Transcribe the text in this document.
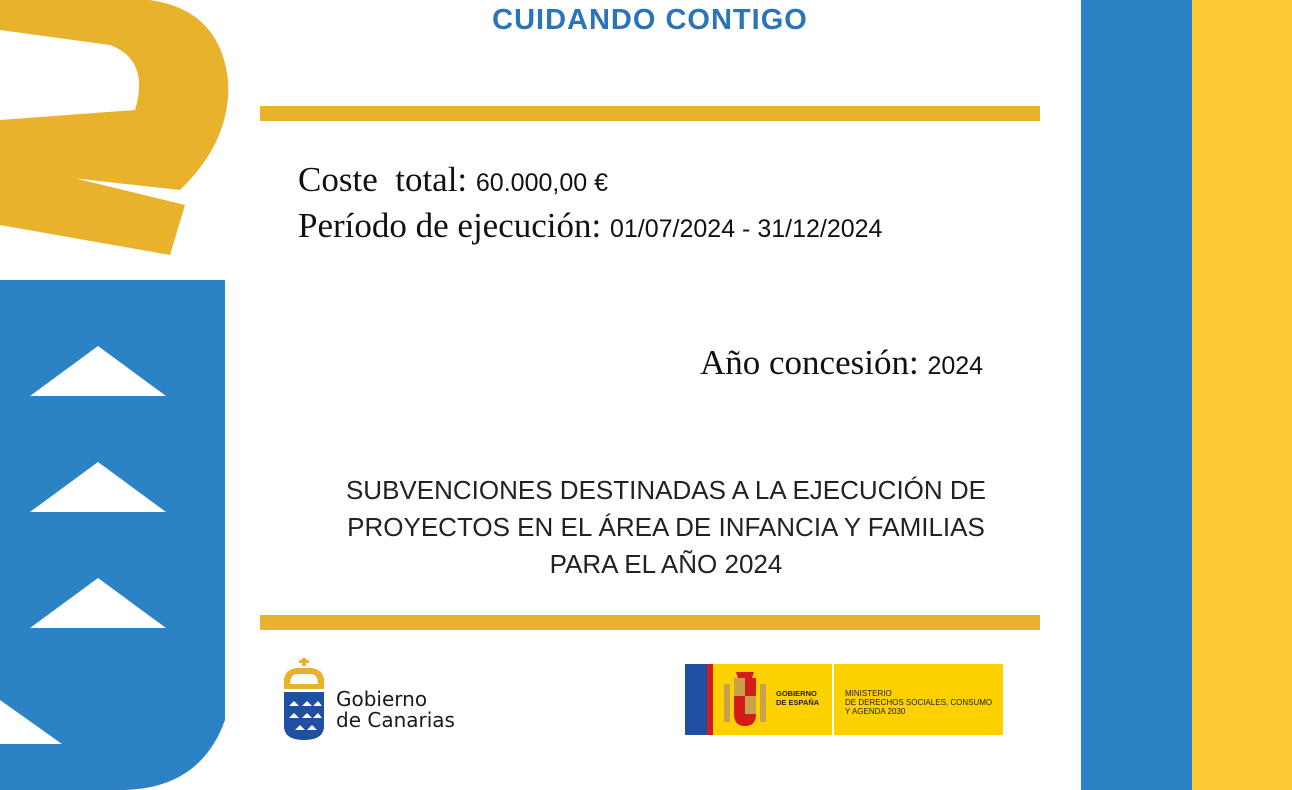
CUIDANDO CONTIGO
Coste  total: 60.000,00 €
Período de ejecución: 01/07/2024 - 31/12/2024
Año concesión: 2024
SUBVENCIONES DESTINADAS A LA EJECUCIÓN DE
PROYECTOS EN EL ÁREA DE INFANCIA Y FAMILIAS
PARA EL AÑO 2024
Gobierno
de Canarias
GOBIERNO
DE ESPAÑA
MINISTERIO
DE DERECHOS SOCIALES, CONSUMO
Y AGENDA 2030
